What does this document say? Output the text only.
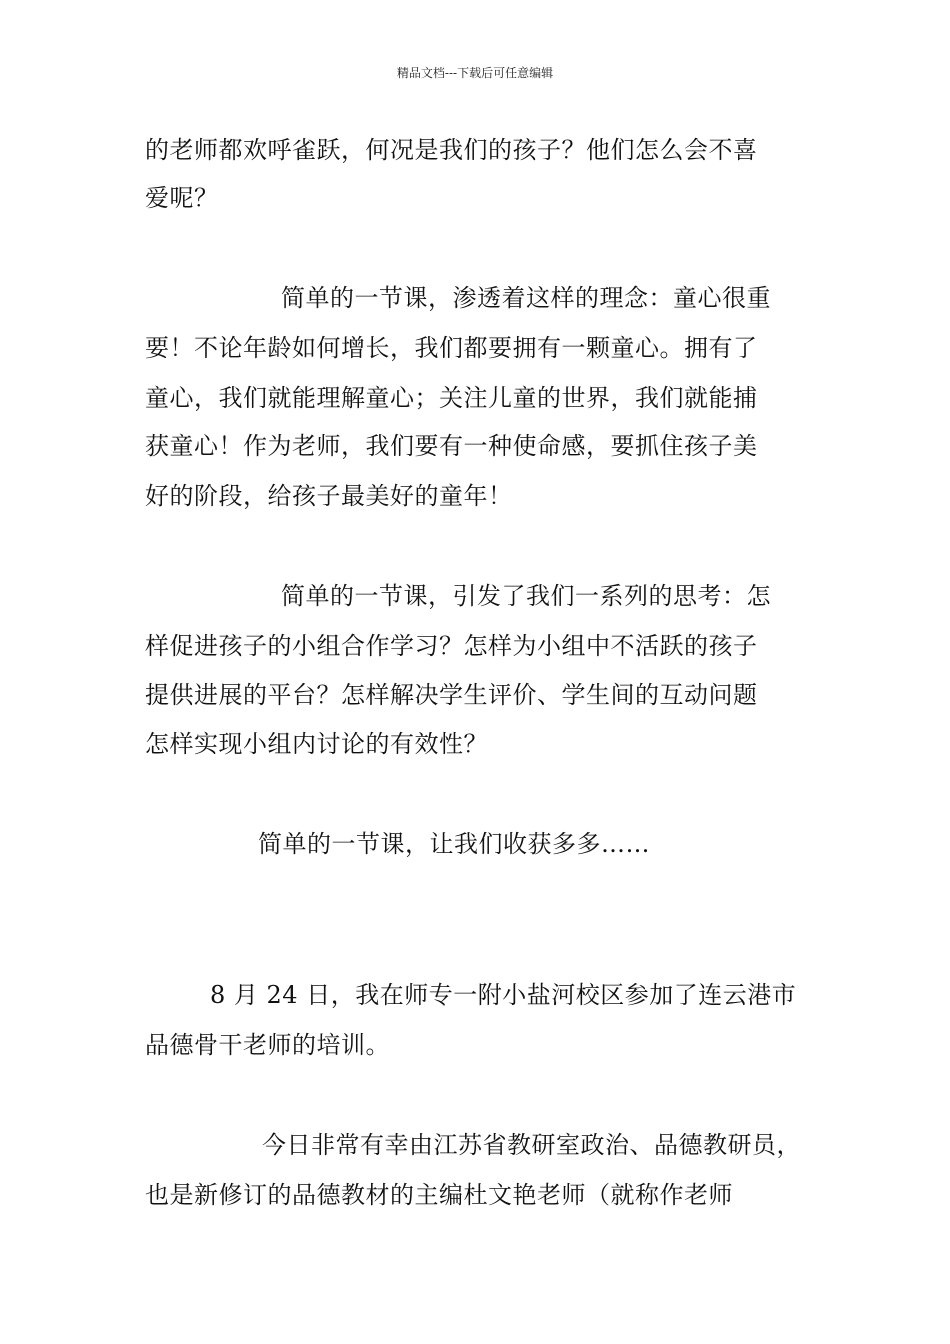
精品文档---下载后可任意编辑
的老师都欢呼雀跃，何况是我们的孩子？他们怎么会不喜
爱呢？
简单的一节课，渗透着这样的理念：童心很重
要！不论年龄如何增长，我们都要拥有一颗童心。拥有了
童心，我们就能理解童心；关注儿童的世界，我们就能捕
获童心！作为老师，我们要有一种使命感，要抓住孩子美
好的阶段，给孩子最美好的童年！
简单的一节课，引发了我们一系列的思考：怎
样促进孩子的小组合作学习？怎样为小组中不活跃的孩子
提供进展的平台？怎样解决学生评价、学生间的互动问题
怎样实现小组内讨论的有效性？
简单的一节课，让我们收获多多……
8 月 24 日，我在师专一附小盐河校区参加了连云港市
品德骨干老师的培训。
今日非常有幸由江苏省教研室政治、品德教研员，
也是新修订的品德教材的主编杜文艳老师（就称作老师
